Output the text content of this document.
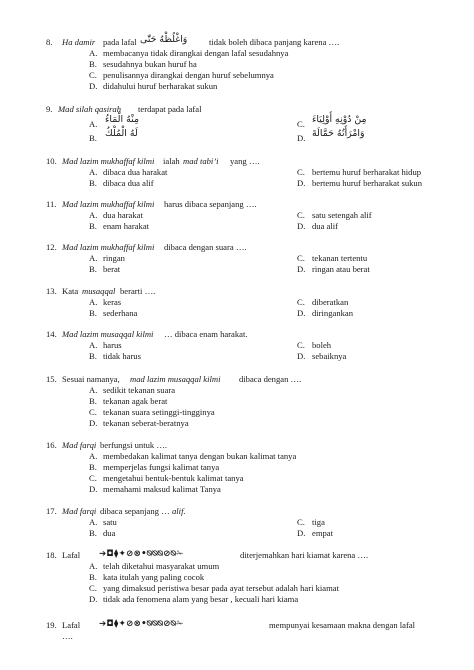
8. Ha damir pada lafal وَاغْلُظْهُ حَتّٰى	tidak boleh dibaca panjang karena ….
A. membacanya tidak dirangkai dengan lafal sesudahnya
B. sesudahnya bukan huruf ha
C. penulisannya dirangkai dengan huruf sebelumnya
D. didahului huruf berharakat sukun
9. Mad silah qasirah terdapat pada lafal
A. مِنْهُ الْمَاءُ
B. لَهُ الْمُلْكُ
C. مِنْ دُوْنِهِ أَوْلِيَاءَ
D. وَامْرَأَتُهُ حَمَّالَةَ
10. Mad lazim mukhaffaf kilmi ialah mad tabi’i yang ….
A. dibaca dua harakat
B. dibaca dua alif
C. bertemu huruf berharakat hidup
D. bertemu huruf berharakat sukun
11. Mad lazim mukhaffaf kilmi harus dibaca sepanjang ….
A. dua harakat
B. enam harakat
C. satu setengah alif
D. dua alif
12. Mad lazim mukhaffaf kilmi dibaca dengan suara ….
A. ringan
B. berat
C. tekanan tertentu
D. ringan atau berat
13. Kata musaqqal berarti ….
A. keras
B. sederhana
C. diberatkan
D. diringankan
14. Mad lazim musaqqal kilmi … dibaca enam harakat.
A. harus
B. tidak harus
C. boleh
D. sebaiknya
15. Sesuai namanya, mad lazim musaqqal kilmi dibaca dengan ….
A. sedikit tekanan suara
B. tekanan agak berat
C. tekanan suara setinggi-tingginya
D. tekanan seberat-beratnya
16. Mad farqi berfungsi untuk ….
A. membedakan kalimat tanya dengan bukan kalimat tanya
B. memperjelas fungsi kalimat tanya
C. mengetahui bentuk-bentuk kalimat tanya
D. memahami maksud kalimat Tanya
17. Mad farqi dibaca sepanjang … alif.
A. satu
B. dua
C. tiga
D. empat
18. Lafal ➔◘⧫✦⊘⊗•⍉⍉⍉⊘⍉✁	diterjemahkan hari kiamat karena ….
A. telah diketahui masyarakat umum
B. kata itulah yang paling cocok
C. yang dimaksud peristiwa besar pada ayat tersebut adalah hari kiamat
D. tidak ada fenomena alam yang besar , kecuali hari kiama
19. Lafal ➔◘⧫✦⊘⊗•⍉⍉⍉⊘⍉✁	mempunyai kesamaan makna dengan lafal
….
